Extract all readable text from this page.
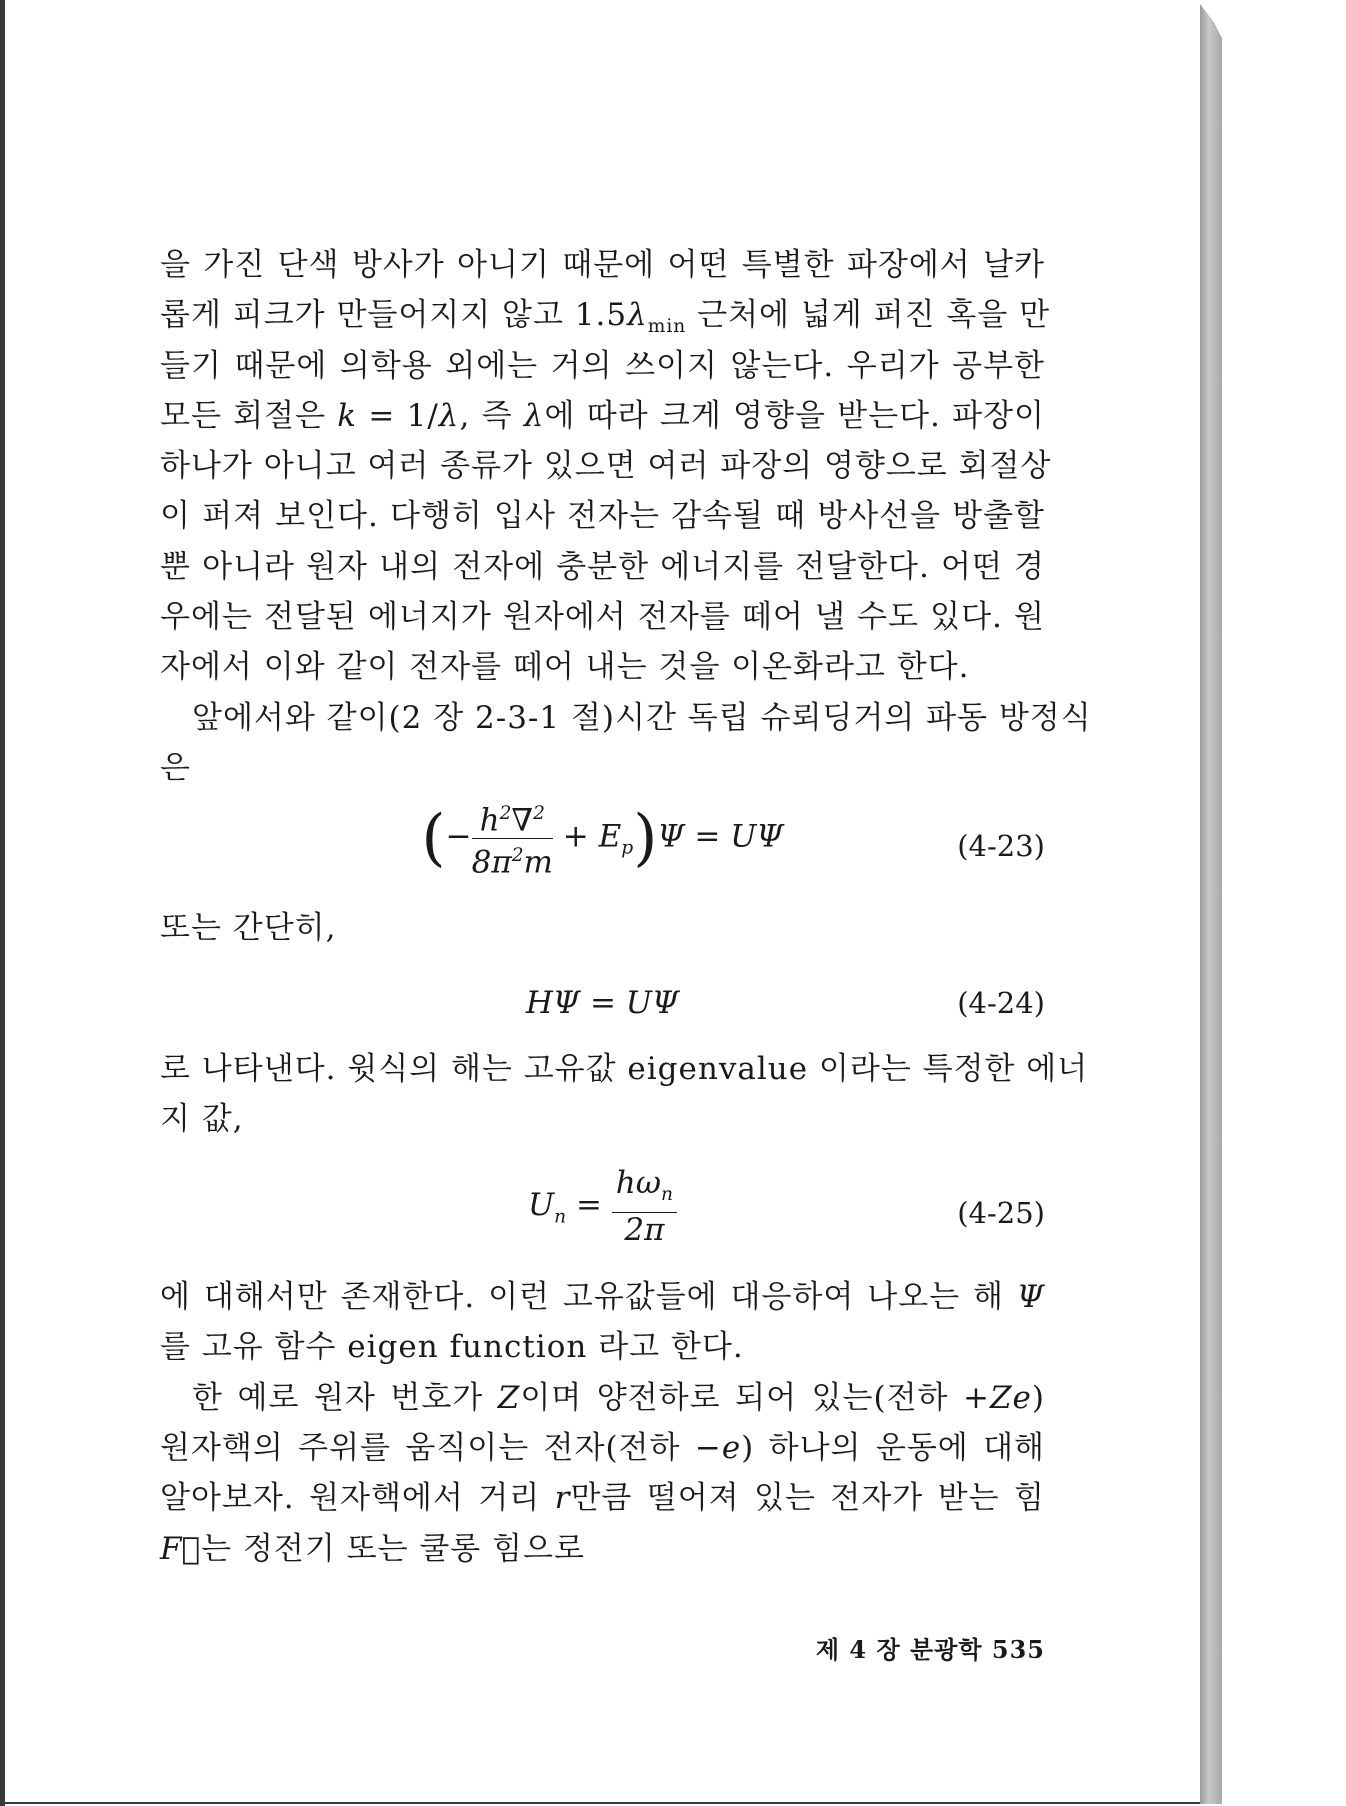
을 가진 단색 방사가 아니기 때문에 어떤 특별한 파장에서 날카
롭게 피크가 만들어지지 않고 $1.5\lambda_{min}$ 근처에 넓게 퍼진 혹을 만
들기 때문에 의학용 외에는 거의 쓰이지 않는다. 우리가 공부한
모든 회절은 k = 1/λ, 즉 λ에 따라 크게 영향을 받는다. 파장이
하나가 아니고 여러 종류가 있으면 여러 파장의 영향으로 회절상
이 퍼져 보인다. 다행히 입사 전자는 감속될 때 방사선을 방출할
뿐 아니라 원자 내의 전자에 충분한 에너지를 전달한다. 어떤 경
우에는 전달된 에너지가 원자에서 전자를 떼어 낼 수도 있다. 원
자에서 이와 같이 전자를 떼어 내는 것을 이온화라고 한다.
앞에서와 같이(2 장 2-3-1 절)시간 독립 슈뢰딩거의 파동 방정식
은
(− $\frac{h^2\nabla^2}{8\pi^2m} + E_p)\Psi = U\Psi$	(4-23)
또는 간단히,
HΨ = UΨ	(4-24)
로 나타낸다. 윗식의 해는 고유값 eigenvalue 이라는 특정한 에너
지 값,
$U_n = \frac{h\omega_n}{2\pi}$	(4-25)
에 대해서만 존재한다. 이런 고유값들에 대응하여 나오는 해 Ψ
를 고유 함수 eigen function 라고 한다.
한 예로 원자 번호가 Z이며 양전하로 되어 있는(전하 +Ze)
원자핵의 주위를 움직이는 전자(전하 −e) 하나의 운동에 대해
알아보자. 원자핵에서 거리 r만큼 떨어져 있는 전자가 받는 힘
F⃗는 정전기 또는 쿨롱 힘으로
제 4 장 분광학 535
